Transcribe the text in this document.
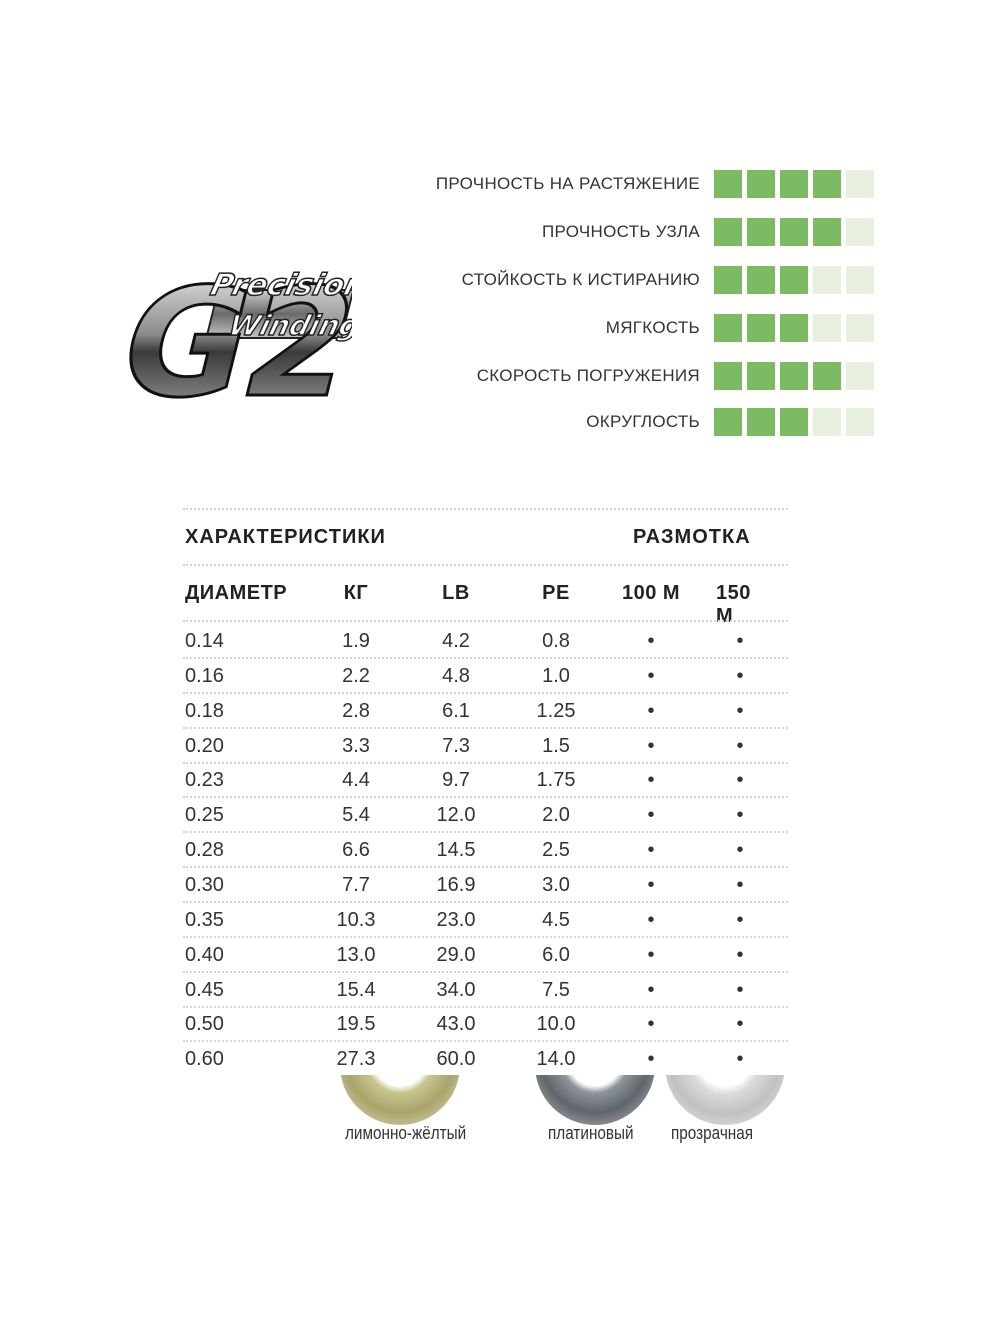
G2
Precision
Winding
ПРОЧНОСТЬ НА РАСТЯЖЕНИЕ
ПРОЧНОСТЬ УЗЛА
СТОЙКОСТЬ К ИСТИРАНИЮ
МЯГКОСТЬ
СКОРОСТЬ ПОГРУЖЕНИЯ
ОКРУГЛОСТЬ
ХАРАКТЕРИСТИКИ	РАЗМОТКА
ДИАМЕТР	КГ	LB	PE	100 M 150 M
0.14	1.9	4.2	0.8	•	•
0.16	2.2	4.8	1.0	•	•
0.18	2.8	6.1	1.25	•	•
0.20	3.3	7.3	1.5	•	•
0.23	4.4	9.7	1.75	•	•
0.25	5.4	12.0	2.0	•	•
0.28	6.6	14.5	2.5	•	•
0.30	7.7	16.9	3.0	•	•
0.35	10.3	23.0	4.5	•	•
0.40	13.0	29.0	6.0	•	•
0.45	15.4	34.0	7.5	•	•
0.50	19.5	43.0	10.0	•	•
0.60	27.3	60.0	14.0	•	•
лимонно-жёлтый	платиновый прозрачная
